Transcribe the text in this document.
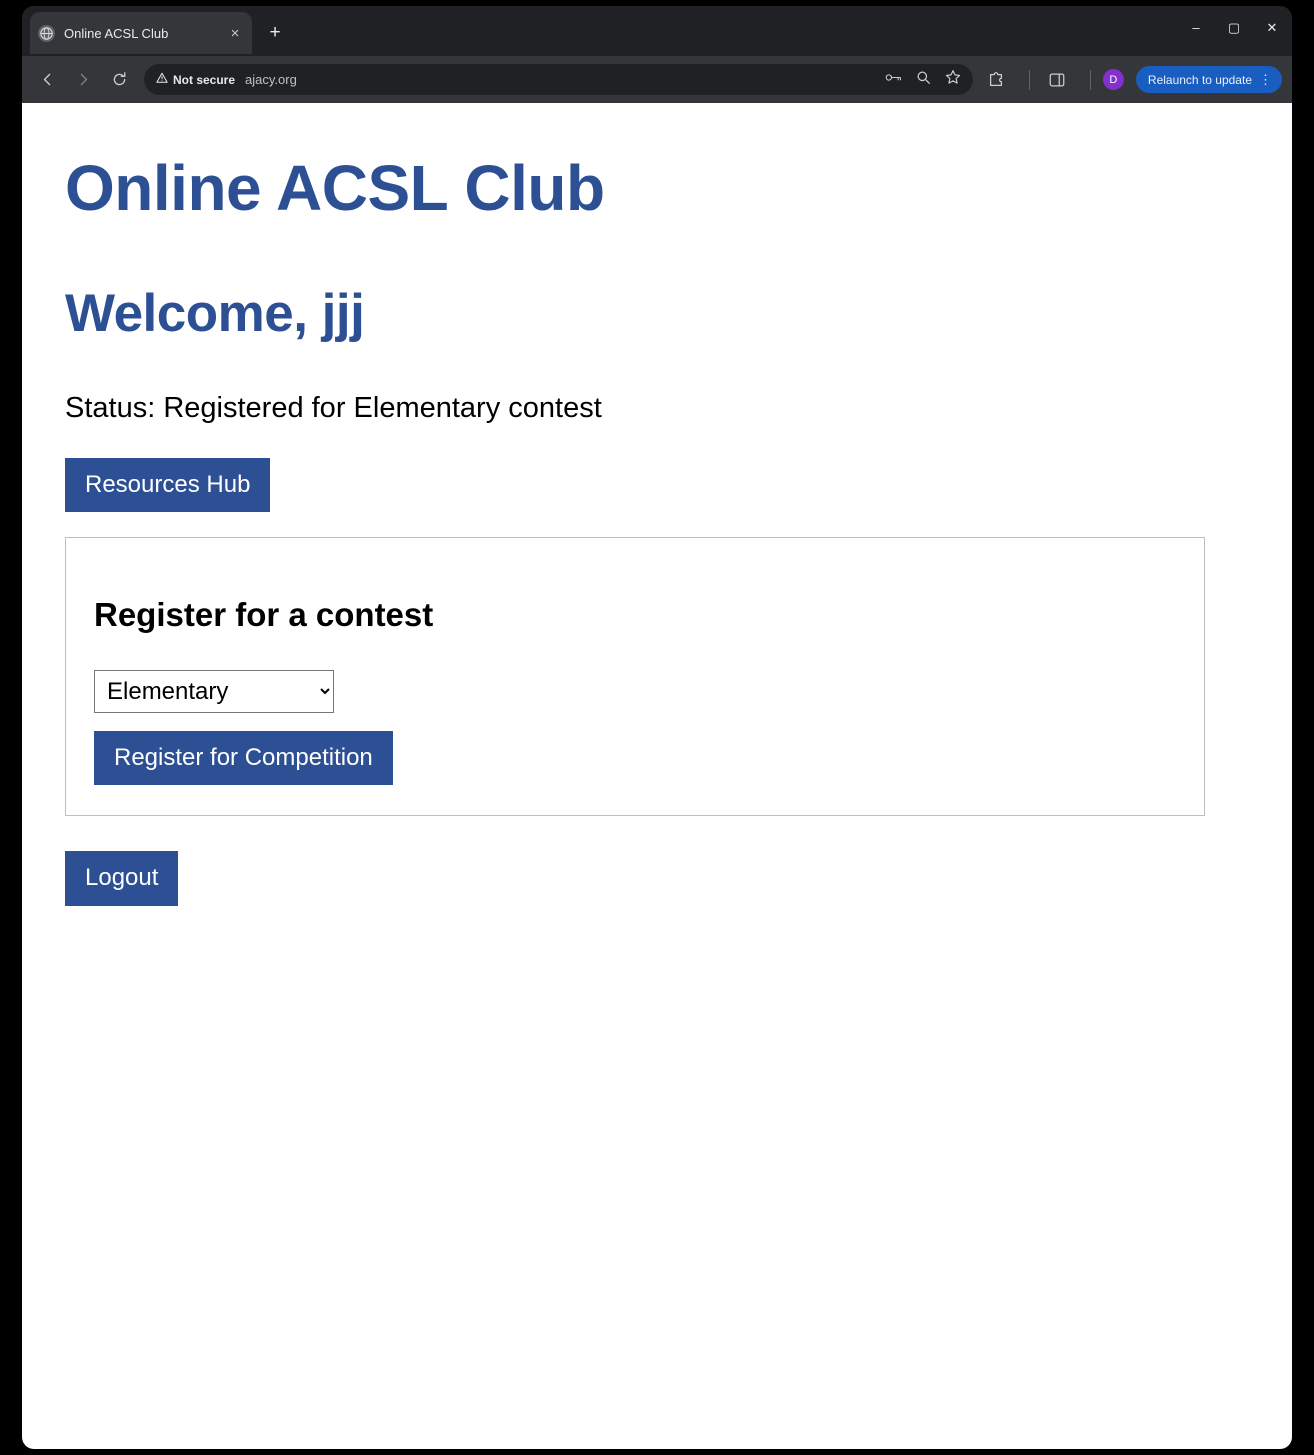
Online ACSL Club	×	+	–	▢	✕
Not secure ajacy.org	D	Relaunch to update ⋮
Online ACSL Club
Welcome, jjj

Status: Registered for Elementary contest

Resources Hub
Register for a contest
Elementary
Register for Competition
Logout
